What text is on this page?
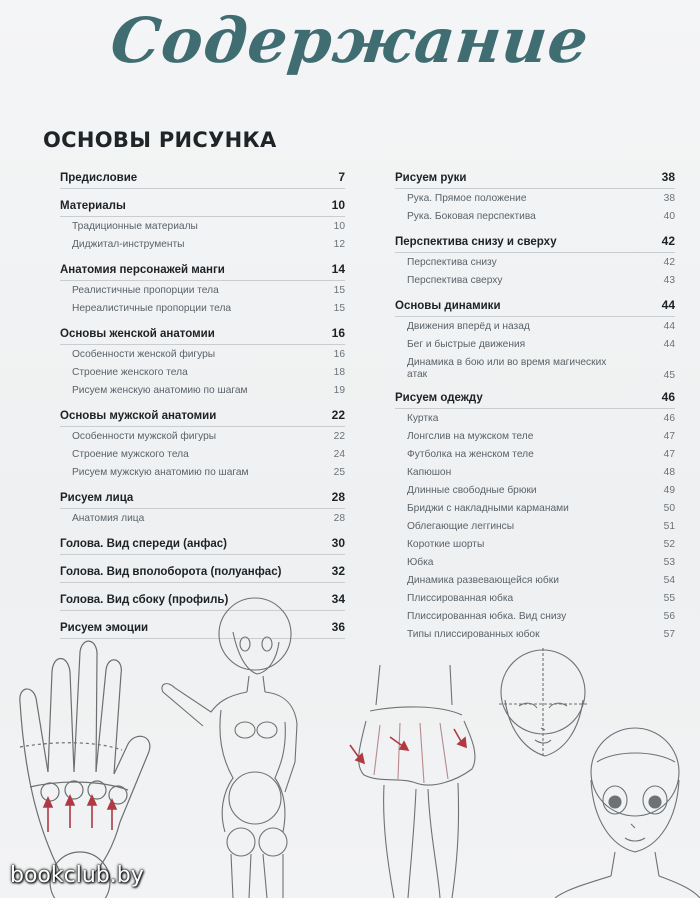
Содержание
ОСНОВЫ РИСУНКА
Предисловие	7
Материалы	10
Традиционные материалы	10
Диджитал-инструменты	12
Анатомия персонажей манги	14
Реалистичные пропорции тела	15
Нереалистичные пропорции тела	15
Основы женской анатомии	16
Особенности женской фигуры	16
Строение женского тела	18
Рисуем женскую анатомию по шагам	19
Основы мужской анатомии	22
Особенности мужской фигуры	22
Строение мужского тела	24
Рисуем мужскую анатомию по шагам	25
Рисуем лица	28
Анатомия лица	28
Голова. Вид спереди (анфас)	30
Голова. Вид вполоборота (полуанфас)	32
Голова. Вид сбоку (профиль)	34
Рисуем эмоции	36
Рисуем руки	38
Рука. Прямое положение	38
Рука. Боковая перспектива	40
Перспектива снизу и сверху	42
Перспектива снизу	42
Перспектива сверху	43
Основы динамики	44
Движения вперёд и назад	44
Бег и быстрые движения	44
Динамика в бою или во время магических атак	45
Рисуем одежду	46
Куртка	46
Лонгслив на мужском теле	47
Футболка на женском теле	47
Капюшон	48
Длинные свободные брюки	49
Бриджи с накладными карманами	50
Облегающие леггинсы	51
Короткие шорты	52
Юбка	53
Динамика развевающейся юбки	54
Плиссированная юбка	55
Плиссированная юбка. Вид снизу	56
Типы плиссированных юбок	57
bookclub.by
